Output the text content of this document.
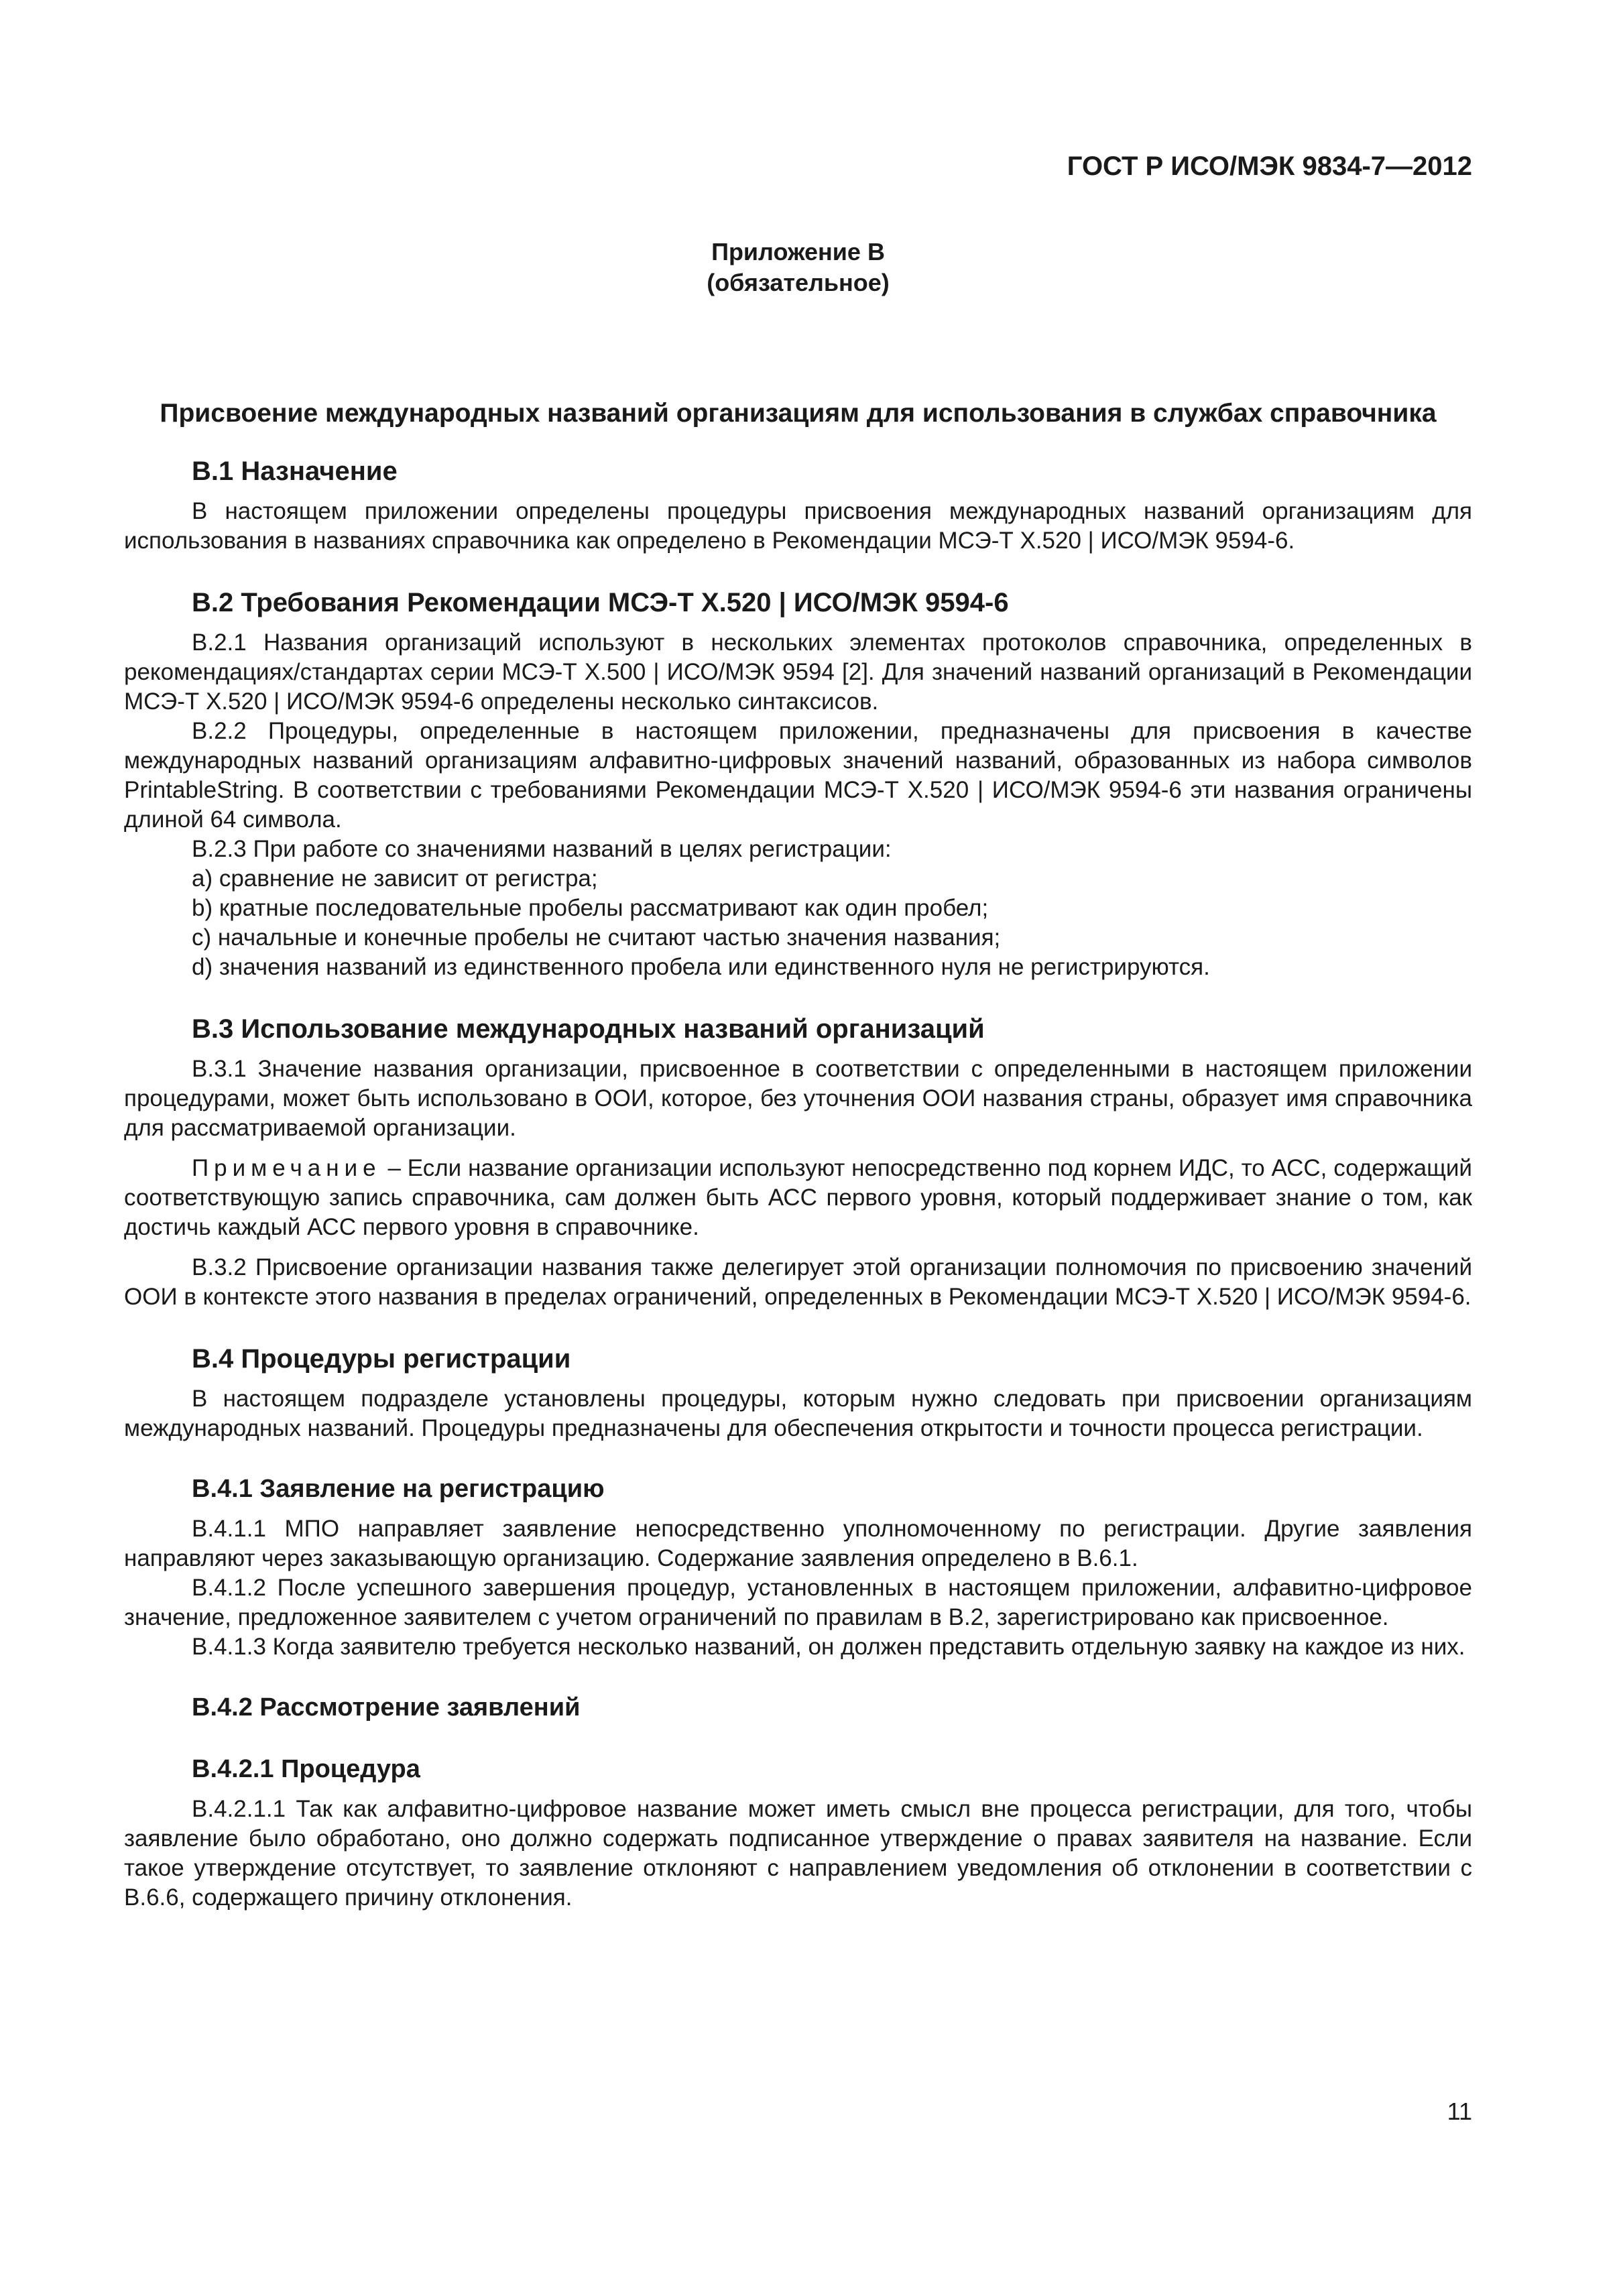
ГОСТ Р ИСО/МЭК 9834-7—2012
Приложение В
(обязательное)
Присвоение международных названий организациям для использования в службах справочника
В.1 Назначение

В настоящем приложении определены процедуры присвоения международных названий организациям для использования в названиях справочника как определено в Рекомендации МСЭ-Т X.520 | ИСО/МЭК 9594-6.

В.2 Требования Рекомендации МСЭ-Т X.520 | ИСО/МЭК 9594-6

В.2.1 Названия организаций используют в нескольких элементах протоколов справочника, определенных в рекомендациях/стандартах серии МСЭ-Т X.500 | ИСО/МЭК 9594 [2]. Для значений названий организаций в Рекомендации МСЭ-Т X.520 | ИСО/МЭК 9594-6 определены несколько синтаксисов.

В.2.2 Процедуры, определенные в настоящем приложении, предназначены для присвоения в качестве международных названий организациям алфавитно-цифровых значений названий, образованных из набора символов PrintableString. В соответствии с требованиями Рекомендации МСЭ-Т X.520 | ИСО/МЭК 9594-6 эти названия ограничены длиной 64 символа.

В.2.3 При работе со значениями названий в целях регистрации:

а) сравнение не зависит от регистра;

b) кратные последовательные пробелы рассматривают как один пробел;

с) начальные и конечные пробелы не считают частью значения названия;

d) значения названий из единственного пробела или единственного нуля не регистрируются.

В.3 Использование международных названий организаций

В.3.1 Значение названия организации, присвоенное в соответствии с определенными в настоящем приложении процедурами, может быть использовано в ООИ, которое, без уточнения ООИ названия страны, образует имя справочника для рассматриваемой организации.

Примечание – Если название организации используют непосредственно под корнем ИДС, то АСС, содержащий соответствующую запись справочника, сам должен быть АСС первого уровня, который поддерживает знание о том, как достичь каждый АСС первого уровня в справочнике.

В.3.2 Присвоение организации названия также делегирует этой организации полномочия по присвоению значений ООИ в контексте этого названия в пределах ограничений, определенных в Рекомендации МСЭ-Т X.520 | ИСО/МЭК 9594-6.

В.4 Процедуры регистрации

В настоящем подразделе установлены процедуры, которым нужно следовать при присвоении организациям международных названий. Процедуры предназначены для обеспечения открытости и точности процесса регистрации.

В.4.1 Заявление на регистрацию

В.4.1.1 МПО направляет заявление непосредственно уполномоченному по регистрации. Другие заявления направляют через заказывающую организацию. Содержание заявления определено в В.6.1.

В.4.1.2 После успешного завершения процедур, установленных в настоящем приложении, алфавитно-цифровое значение, предложенное заявителем с учетом ограничений по правилам в В.2, зарегистрировано как присвоенное.

В.4.1.3 Когда заявителю требуется несколько названий, он должен представить отдельную заявку на каждое из них.

В.4.2 Рассмотрение заявлений
В.4.2.1 Процедура

В.4.2.1.1 Так как алфавитно-цифровое название может иметь смысл вне процесса регистрации, для того, чтобы заявление было обработано, оно должно содержать подписанное утверждение о правах заявителя на название. Если такое утверждение отсутствует, то заявление отклоняют с направлением уведомления об отклонении в соответствии с В.6.6, содержащего причину отклонения.

11
